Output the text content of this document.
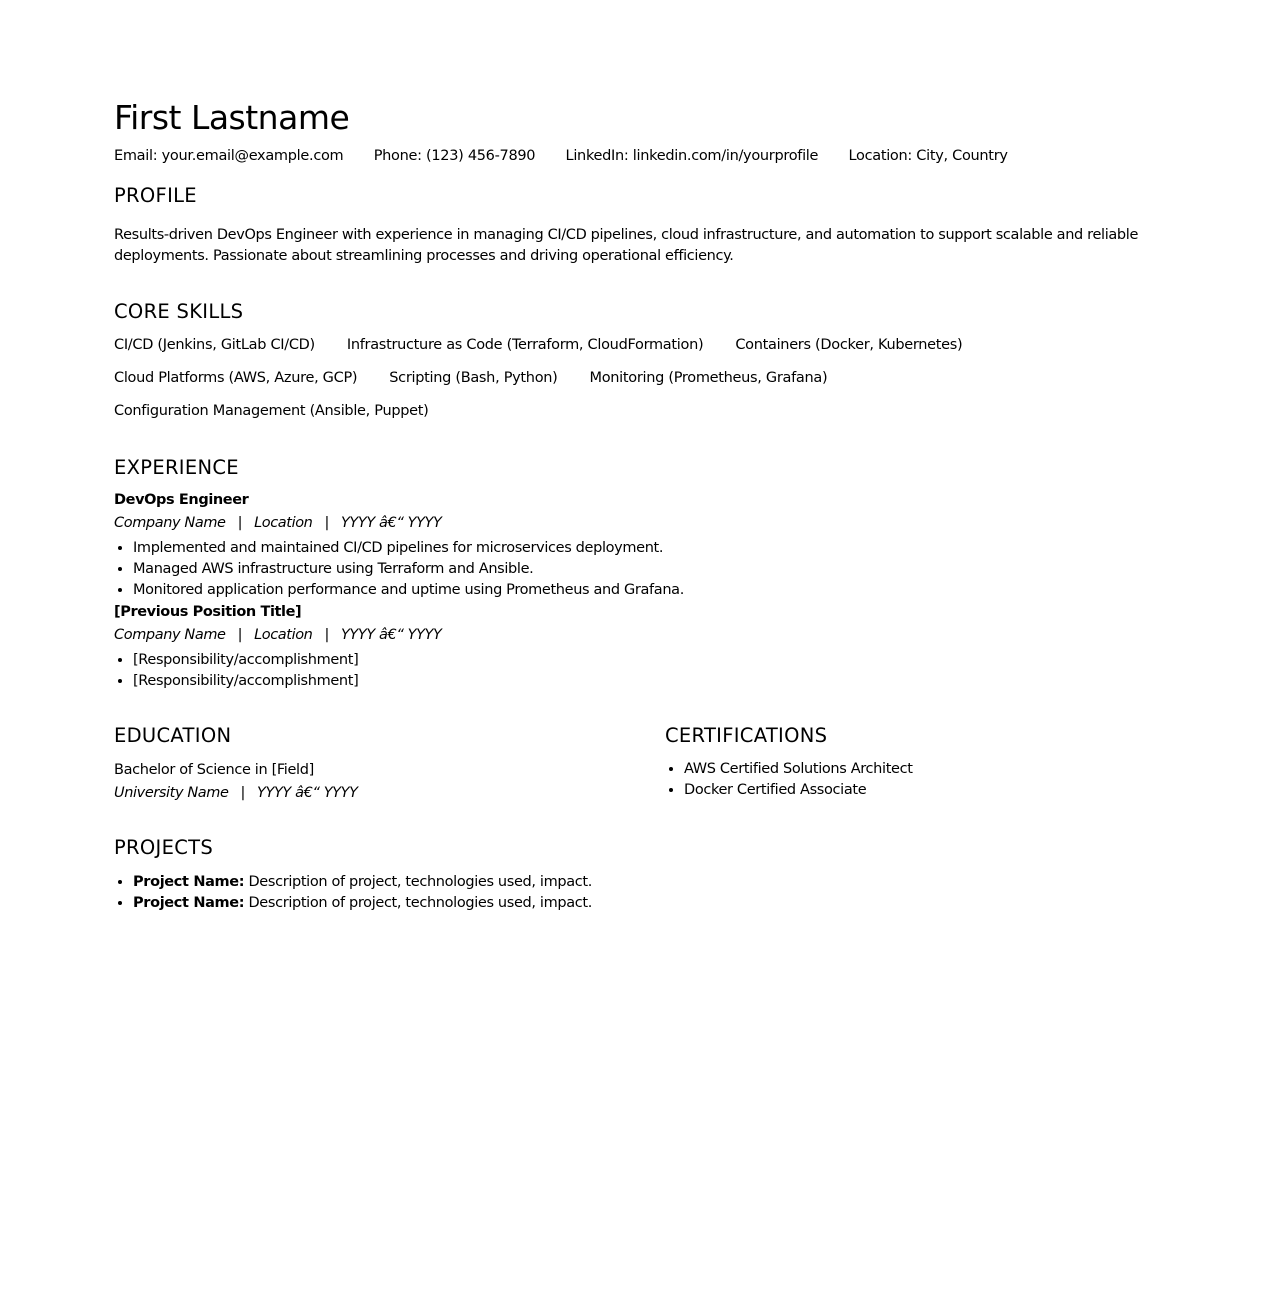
First Lastname
Email: your.email@example.com Phone: (123) 456-7890 LinkedIn: linkedin.com/in/yourprofile Location: City, Country
PROFILE

Results-driven DevOps Engineer with experience in managing CI/CD pipelines, cloud infrastructure, and automation to support scalable and reliable deployments. Passionate about streamlining processes and driving operational efficiency.

CORE SKILLS
CI/CD (Jenkins, GitLab CI/CD) Infrastructure as Code (Terraform, CloudFormation) Containers (Docker, Kubernetes)
Cloud Platforms (AWS, Azure, GCP) Scripting (Bash, Python) Monitoring (Prometheus, Grafana)
Configuration Management (Ansible, Puppet)
EXPERIENCE
DevOps Engineer
Company Name | Location | YYYY â€“ YYYY
• Implemented and maintained CI/CD pipelines for microservices deployment.
• Managed AWS infrastructure using Terraform and Ansible.
• Monitored application performance and uptime using Prometheus and Grafana.
[Previous Position Title]
Company Name | Location | YYYY â€“ YYYY
• [Responsibility/accomplishment]
• [Responsibility/accomplishment]
EDUCATION
Bachelor of Science in [Field]
University Name | YYYY â€“ YYYY
CERTIFICATIONS
• AWS Certified Solutions Architect
• Docker Certified Associate
PROJECTS
• Project Name: Description of project, technologies used, impact.
• Project Name: Description of project, technologies used, impact.
